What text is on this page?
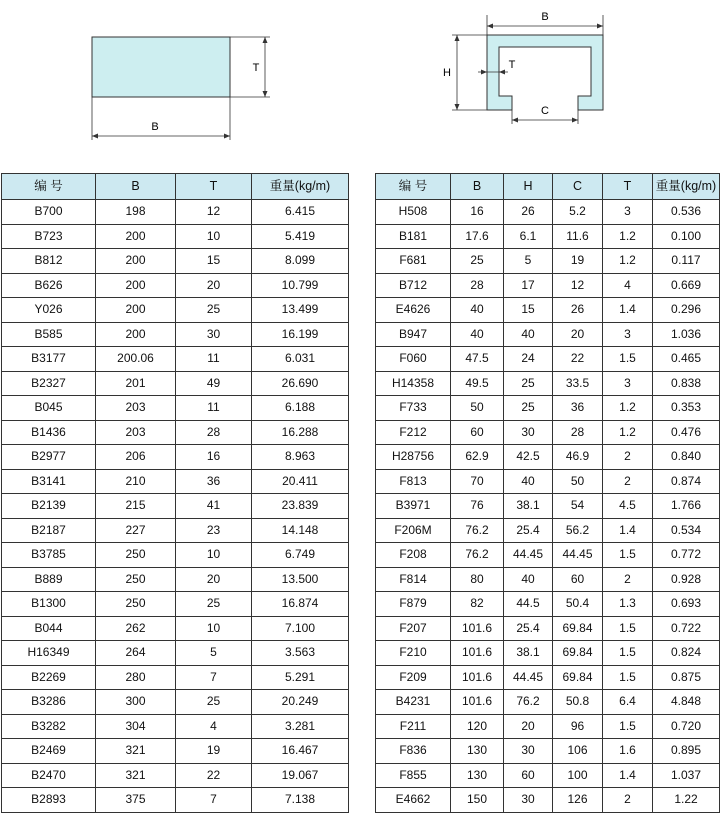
T
B
B
H
T
C
编 号	B	T	重量(kg/m)
B700	198	12	6.415
B723	200	10	5.419
B812	200	15	8.099
B626	200	20	10.799
Y026	200	25	13.499
B585	200	30	16.199
B3177	200.06	11	6.031
B2327	201	49	26.690
B045	203	11	6.188
B1436	203	28	16.288
B2977	206	16	8.963
B3141	210	36	20.411
B2139	215	41	23.839
B2187	227	23	14.148
B3785	250	10	6.749
B889	250	20	13.500
B1300	250	25	16.874
B044	262	10	7.100
H16349	264	5	3.563
B2269	280	7	5.291
B3286	300	25	20.249
B3282	304	4	3.281
B2469	321	19	16.467
B2470	321	22	19.067
B2893	375	7	7.138
编 号	B	H	C	T	重量(kg/m)
H508	16	26	5.2	3	0.536
B181	17.6	6.1	11.6	1.2	0.100
F681	25	5	19	1.2	0.117
B712	28	17	12	4	0.669
E4626	40	15	26	1.4	0.296
B947	40	40	20	3	1.036
F060	47.5	24	22	1.5	0.465
H14358	49.5	25	33.5	3	0.838
F733	50	25	36	1.2	0.353
F212	60	30	28	1.2	0.476
H28756	62.9	42.5	46.9	2	0.840
F813	70	40	50	2	0.874
B3971	76	38.1	54	4.5	1.766
F206M	76.2	25.4	56.2	1.4	0.534
F208	76.2	44.45	44.45	1.5	0.772
F814	80	40	60	2	0.928
F879	82	44.5	50.4	1.3	0.693
F207	101.6	25.4	69.84	1.5	0.722
F210	101.6	38.1	69.84	1.5	0.824
F209	101.6	44.45	69.84	1.5	0.875
B4231	101.6	76.2	50.8	6.4	4.848
F211	120	20	96	1.5	0.720
F836	130	30	106	1.6	0.895
F855	130	60	100	1.4	1.037
E4662	150	30	126	2	1.22
